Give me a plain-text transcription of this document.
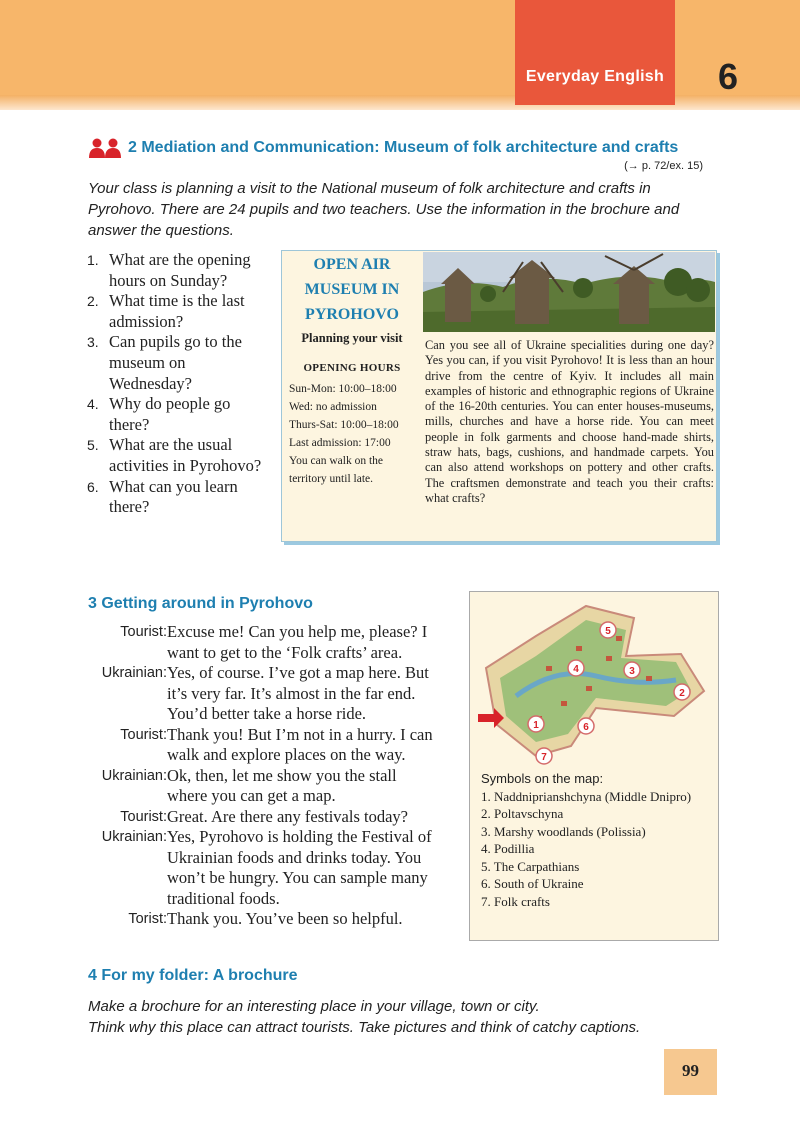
Everyday English	6
2 Mediation and Communication: Museum of folk architecture and crafts
(→ p. 72/ex. 15)
Your class is planning a visit to the National museum of folk architecture and crafts in Pyrohovo. There are 24 pupils and two teachers. Use the information in the brochure and answer the questions.
1. What are the opening hours on Sunday?
2. What time is the last admission?
3. Can pupils go to the museum on Wednesday?
4. Why do people go there?
5. What are the usual activities in Pyrohovo?
6. What can you learn there?
OPEN AIR MUSEUM IN PYROHOVO
Planning your visit
OPENING HOURS
Sun-Mon: 10:00–18:00
Wed: no admission
Thurs-Sat: 10:00–18:00
Last admission: 17:00
You can walk on the territory until late.
Can you see all of Ukraine specialities during one day? Yes you can, if you visit Pyrohovo! It is less than an hour drive from the centre of Kyiv. It includes all main examples of historic and ethnographic regions of Ukraine of the 16-20th centuries. You can enter houses-museums, mills, churches and have a horse ride. You can meet people in folk garments and choose hand-made shirts, straw hats, bags, cushions, and handmade carpets. You can also attend workshops on pottery and other crafts. The craftsmen demonstrate and teach you their crafts: what crafts?
3 Getting around in Pyrohovo
Tourist: Excuse me! Can you help me, please? I
want to get to the ‘Folk crafts’ area.
Ukrainian: Yes, of course. I’ve got a map here. But
it’s very far. It’s almost in the far end.
You’d better take a horse ride.
Tourist: Thank you! But I’m not in a hurry. I can
walk and explore places on the way.
Ukrainian: Ok, then, let me show you the stall
where you can get a map.
Tourist: Great. Are there any festivals today?
Ukrainian: Yes, Pyrohovo is holding the Festival of
Ukrainian foods and drinks today. You
won’t be hungry. You can sample many
traditional foods.
Torist: Thank you. You’ve been so helpful.
1
2
3
4
5
6
7
Symbols on the map:
1. Naddniprianshchyna (Middle Dnipro)
2. Poltavschyna
3. Marshy woodlands (Polissia)
4. Podillia
5. The Carpathians
6. South of Ukraine
7. Folk crafts
4 For my folder: A brochure
Make a brochure for an interesting place in your village, town or city.
Think why this place can attract tourists. Take pictures and think of catchy captions.
99
